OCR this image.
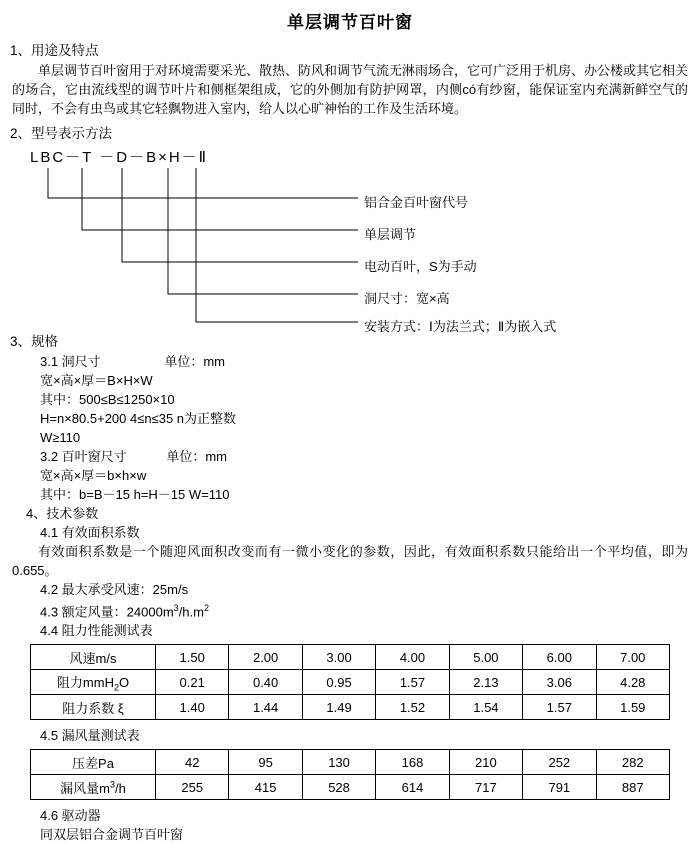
单层调节百叶窗
1、用途及特点
单层调节百叶窗用于对环境需要采光、散热、防风和调节气流无淋雨场合，它可广泛用于机房、办公楼或其它相关的场合，它由流线型的调节叶片和侧框架组成，它的外侧加有防护网罩，内侧có有纱窗，能保证室内充满新鲜空气的同时，不会有虫鸟或其它轻飘物进入室内，给人以心旷神怡的工作及生活环境。
2、型号表示方法
LBC－T －D－B×H－Ⅱ
安装方式：Ⅰ为法兰式；Ⅱ为嵌入式
洞尺寸：宽×高
电动百叶，S为手动
单层调节
铝合金百叶窗代号
3、规格
3.1 洞尺寸	单位：mm
宽×高×厚＝B×H×W
其中：500≤B≤1250×10
H=n×80.5+200 4≤n≤35 n为正整数
W≥110
3.2 百叶窗尺寸	单位：mm
宽×高×厚＝b×h×w
其中：b=B－15 h=H－15 W=110
4、技术参数
4.1 有效面积系数
有效面积系数是一个随迎风面积改变而有一微小变化的参数，因此，有效面积系数只能给出一个平均值，即为0.655。
4.2 最大承受风速：25m/s
4.3 额定风量：$24000m^3/h.m^2$
4.4 阻力性能测试表
风速m/s	1.50	2.00	3.00	4.00	5.00	6.00	7.00
阻力mmH$_2$O	0.21	0.40	0.95	1.57	2.13	3.06	4.28
阻力系数 ξ	1.40	1.44	1.49	1.52	1.54	1.57	1.59
4.5 漏风量测试表
压差Pa	42	95	130	168	210	252	282
漏风量$m^3/h$	255	415	528	614	717	791	887
4.6 驱动器
同双层铝合金调节百叶窗
